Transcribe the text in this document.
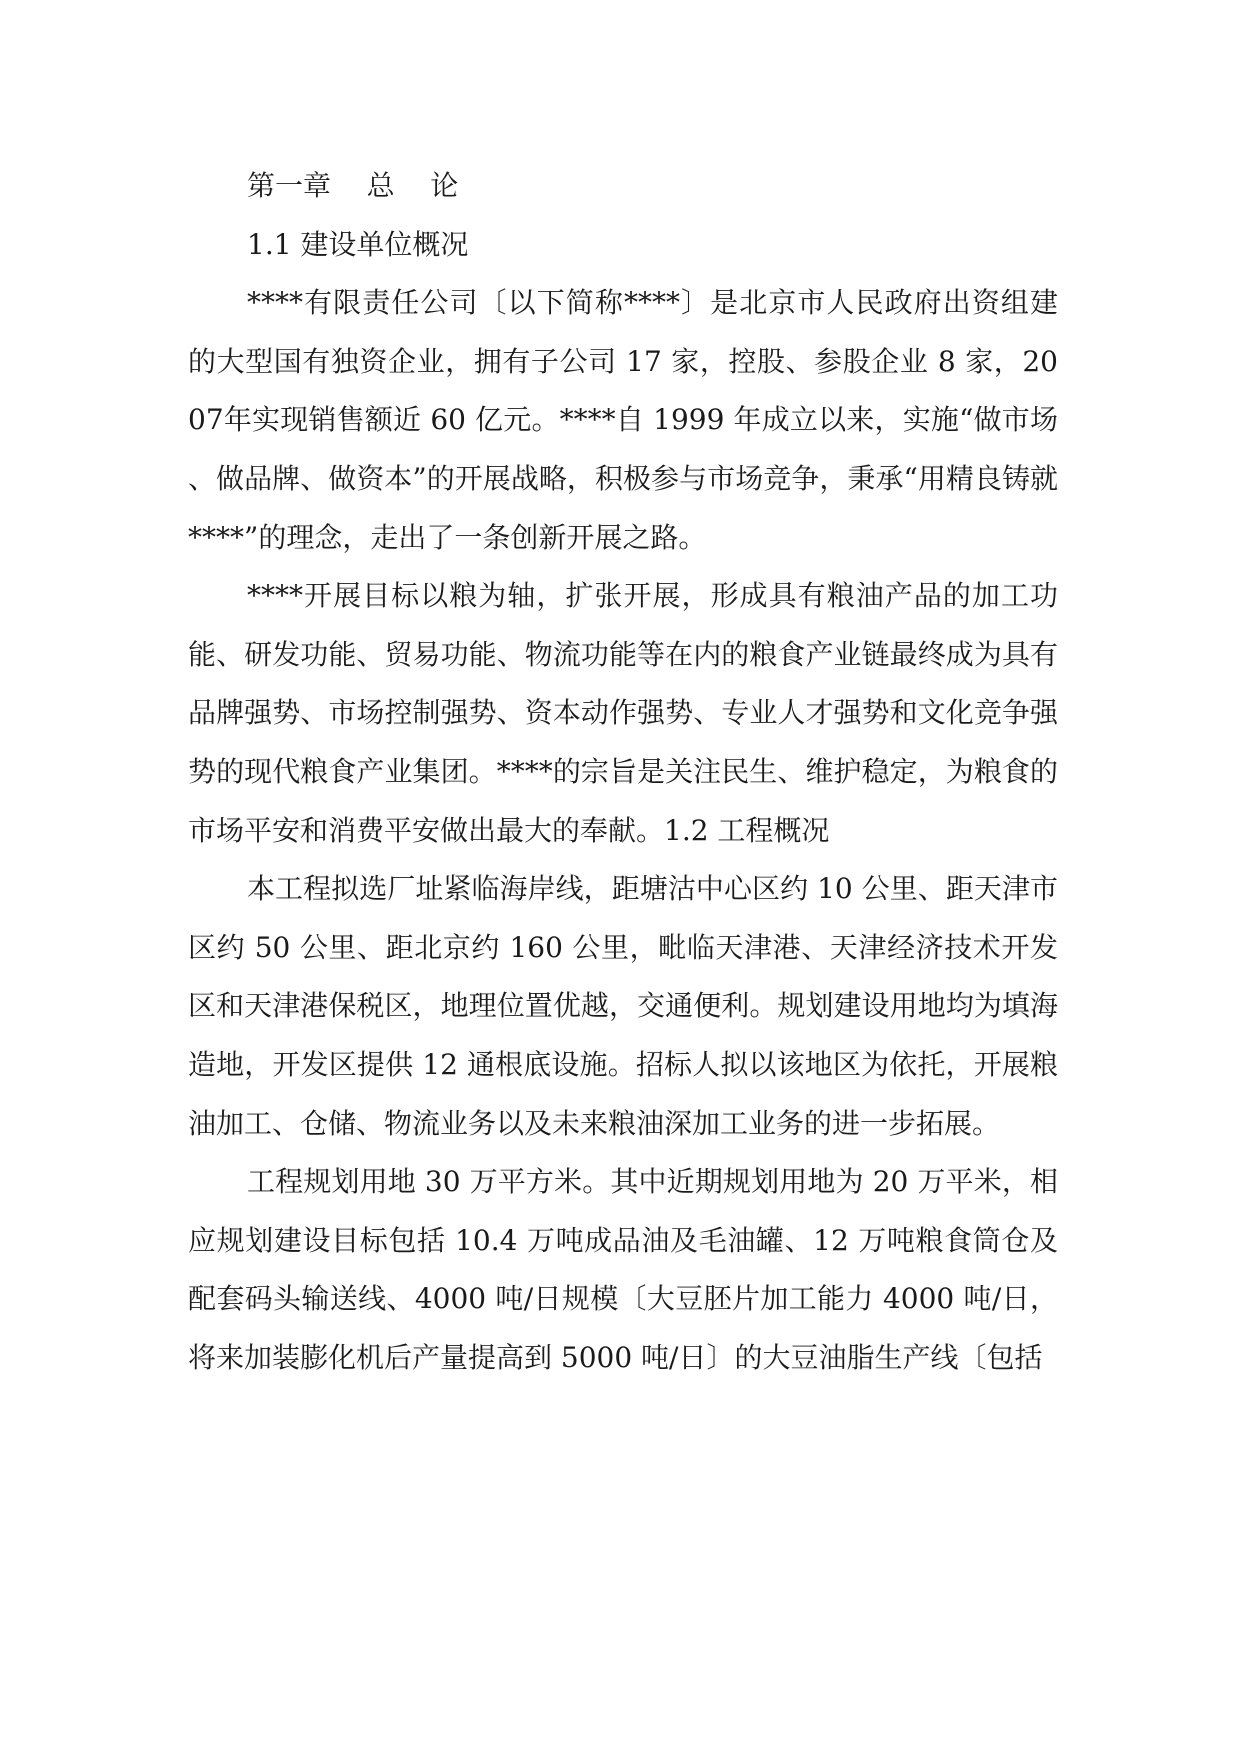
第一章    总    论
1.1 建设单位概况

****有限责任公司〔以下简称****〕是北京市人民政府出资组建的大型国有独资企业，拥有子公司 17 家，控股、参股企业 8 家，2007年实现销售额近 60 亿元。****自 1999 年成立以来，实施“做市场、做品牌、做资本”的开展战略，积极参与市场竞争，秉承“用精良铸就****”的理念，走出了一条创新开展之路。

****开展目标以粮为轴，扩张开展，形成具有粮油产品的加工功能、研发功能、贸易功能、物流功能等在内的粮食产业链最终成为具有品牌强势、市场控制强势、资本动作强势、专业人才强势和文化竞争强势的现代粮食产业集团。****的宗旨是关注民生、维护稳定，为粮食的市场平安和消费平安做出最大的奉献。1.2 工程概况

本工程拟选厂址紧临海岸线，距塘沽中心区约 10 公里、距天津市区约 50 公里、距北京约 160 公里，毗临天津港、天津经济技术开发区和天津港保税区，地理位置优越，交通便利。规划建设用地均为填海造地，开发区提供 12 通根底设施。招标人拟以该地区为依托，开展粮油加工、仓储、物流业务以及未来粮油深加工业务的进一步拓展。

工程规划用地 30 万平方米。其中近期规划用地为 20 万平米，相应规划建设目标包括 10.4 万吨成品油及毛油罐、12 万吨粮食筒仓及配套码头输送线、4000 吨/日规模〔大豆胚片加工能力 4000 吨/日，将来加装膨化机后产量提高到 5000 吨/日〕的大豆油脂生产线〔包括
